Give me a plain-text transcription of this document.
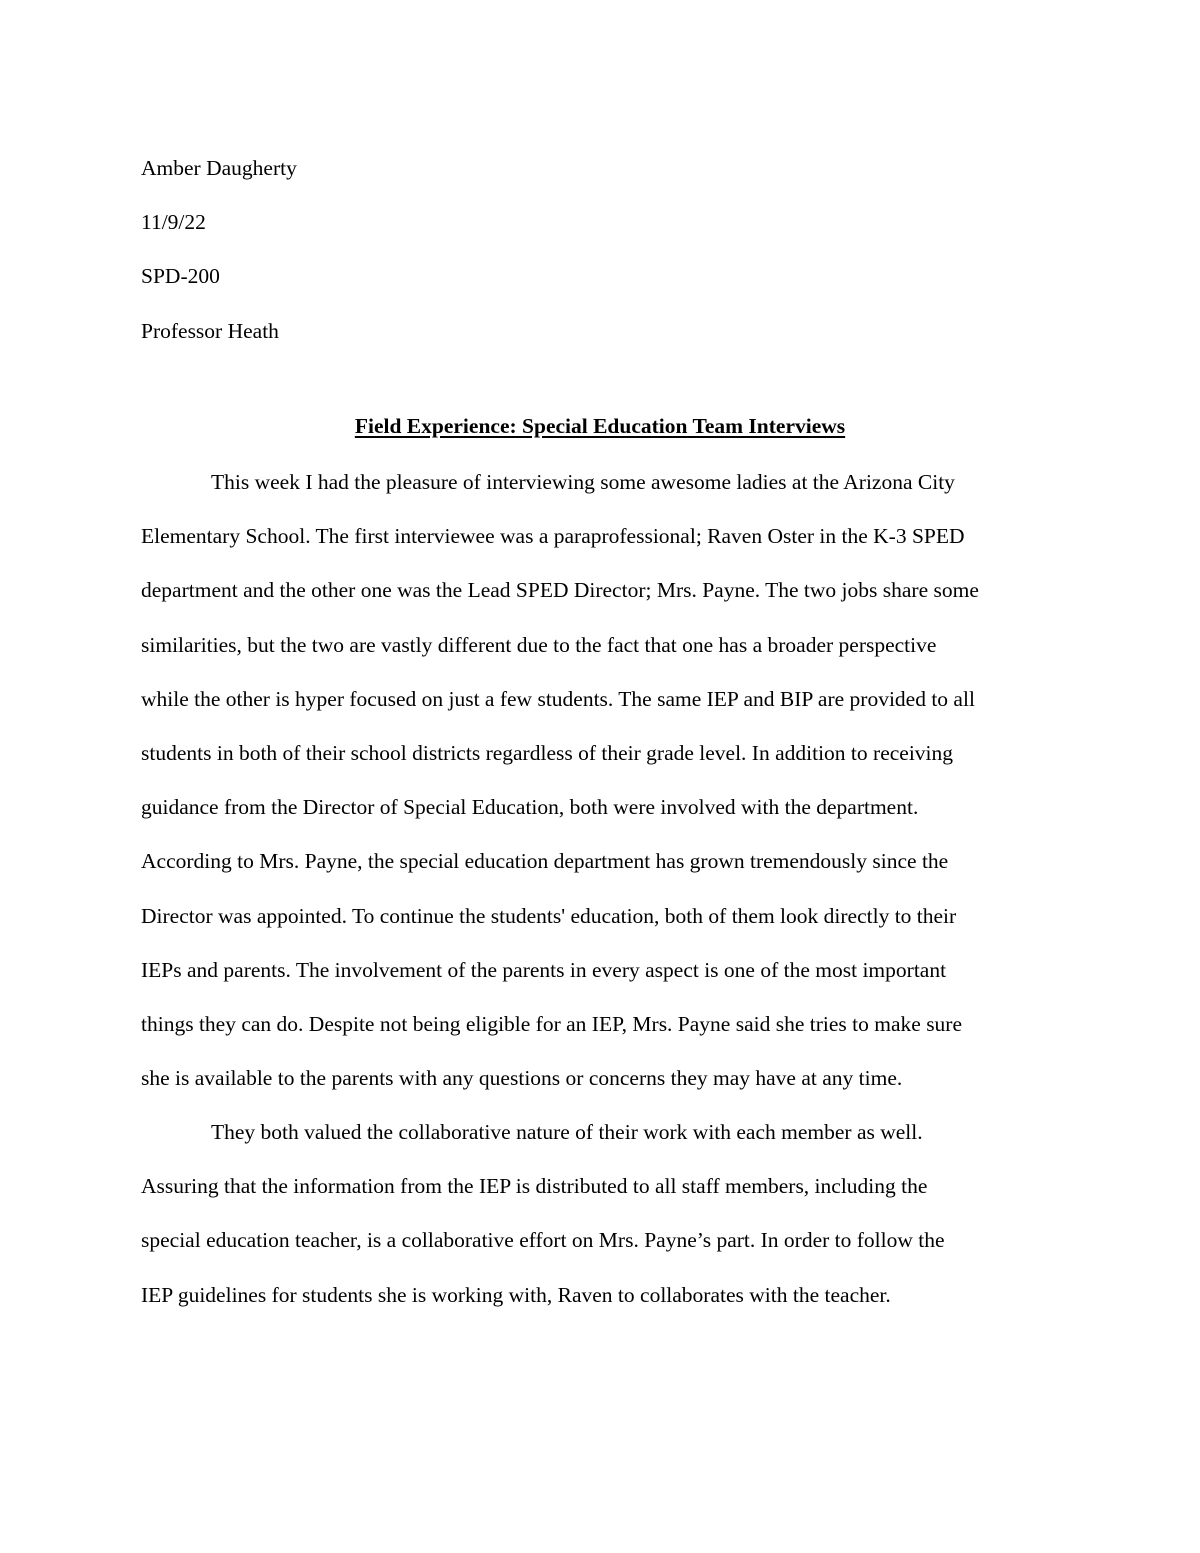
Amber Daugherty
11/9/22
SPD-200
Professor Heath
Field Experience: Special Education Team Interviews
This week I had the pleasure of interviewing some awesome ladies at the Arizona City
Elementary School. The first interviewee was a paraprofessional; Raven Oster in the K-3 SPED
department and the other one was the Lead SPED Director; Mrs. Payne. The two jobs share some
similarities, but the two are vastly different due to the fact that one has a broader perspective
while the other is hyper focused on just a few students. The same IEP and BIP are provided to all
students in both of their school districts regardless of their grade level. In addition to receiving
guidance from the Director of Special Education, both were involved with the department.
According to Mrs. Payne, the special education department has grown tremendously since the
Director was appointed. To continue the students' education, both of them look directly to their
IEPs and parents. The involvement of the parents in every aspect is one of the most important
things they can do. Despite not being eligible for an IEP, Mrs. Payne said she tries to make sure
she is available to the parents with any questions or concerns they may have at any time.
They both valued the collaborative nature of their work with each member as well.
Assuring that the information from the IEP is distributed to all staff members, including the
special education teacher, is a collaborative effort on Mrs. Payne’s part. In order to follow the
IEP guidelines for students she is working with, Raven to collaborates with the teacher.
